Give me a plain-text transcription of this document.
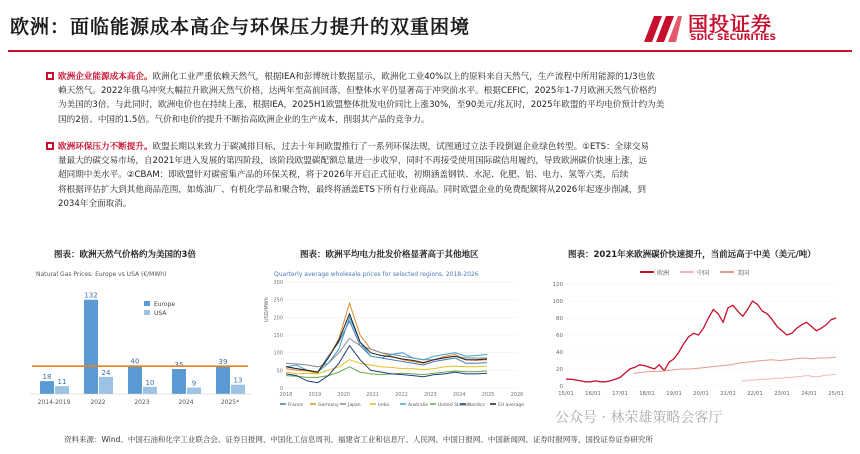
欧洲：面临能源成本高企与环保压力提升的双重困境	国投证券
SDIC SECURITIES
欧洲企业能源成本高企。欧洲化工业严重依赖天然气，根据IEA和彭博统计数据显示，欧洲化工业40%以上的原料来自天然气，生产流程中所用能源的1/3也依
赖天然气。2022年俄乌冲突大幅拉升欧洲天然气价格，达两年至高前回落，但整体水平仍显著高于冲突前水平。根据CEFIC，2025年1-7月欧洲天然气价格约
为美国的3倍。与此同时，欧洲电价也在持续上涨，根据IEA，2025H1欧盟整体批发电价同比上涨30%，至90美元/兆瓦时，2025年欧盟的平均电价预计约为美
国的2倍、中国的1.5倍。气价和电价的提升不断抬高欧洲企业的生产成本，削弱其产品的竞争力。
欧洲环保压力不断提升。欧盟长期以来致力于碳减排目标，过去十年间欧盟推行了一系列环保法规，试图通过立法手段倒逼企业绿色转型。①ETS：全球交易
量最大的碳交易市场，自2021年进入发展的第四阶段，该阶段欧盟碳配额总量进一步收窄，同时不再接受使用国际碳信用履约，导致欧洲碳价快速上涨，远
超同期中美水平。②CBAM：即欧盟针对碳密集产品的环保关税，将于2026年开启正式征收，初期涵盖钢铁、水泥、化肥、铝、电力、氢等六类，后续
将根据评估扩大到其他商品范围，如炼油厂、有机化学品和聚合物，最终将涵盖ETS下所有行业商品。同时欧盟企业的免费配额将从2026年起逐步削减，到
2034年全面取消。
图表：欧洲天然气价格约为美国的3倍	图表：欧洲平均电力批发价格显著高于其他地区	图表：2021年来欧洲碳价快速提升，当前远高于中美（美元/吨）
Natural Gas Prices: Europe vs USA (€/MWh)
Europe
USA
18
11
2014-2019
132
24
2022
40
10
2023
35
9
2024
39
13
2025*
Quarterly average wholesale prices for selected regions, 2018-2026
USD/MWh
300
250
200
150
100
50
0
2018	2019	2020	2021	2022	2023	2024	2025	2026
France	Germany Japan	India	Australia United States Nordics	EU average
欧洲	中国	美国
120
100
80
60
40
20
0
15/01 16/01 17/01 18/01 19/01 20/01 21/01 22/01 23/01 24/01 25/01
资料来源：Wind、中国石油和化学工业联合会、证券日报网、中国化工信息周刊、福建省工业和信息厅、人民网、中国日报网、中国新闻网、证券时报网等，国投证券证券研究所
公众号 · 林荣雄策略会客厅
